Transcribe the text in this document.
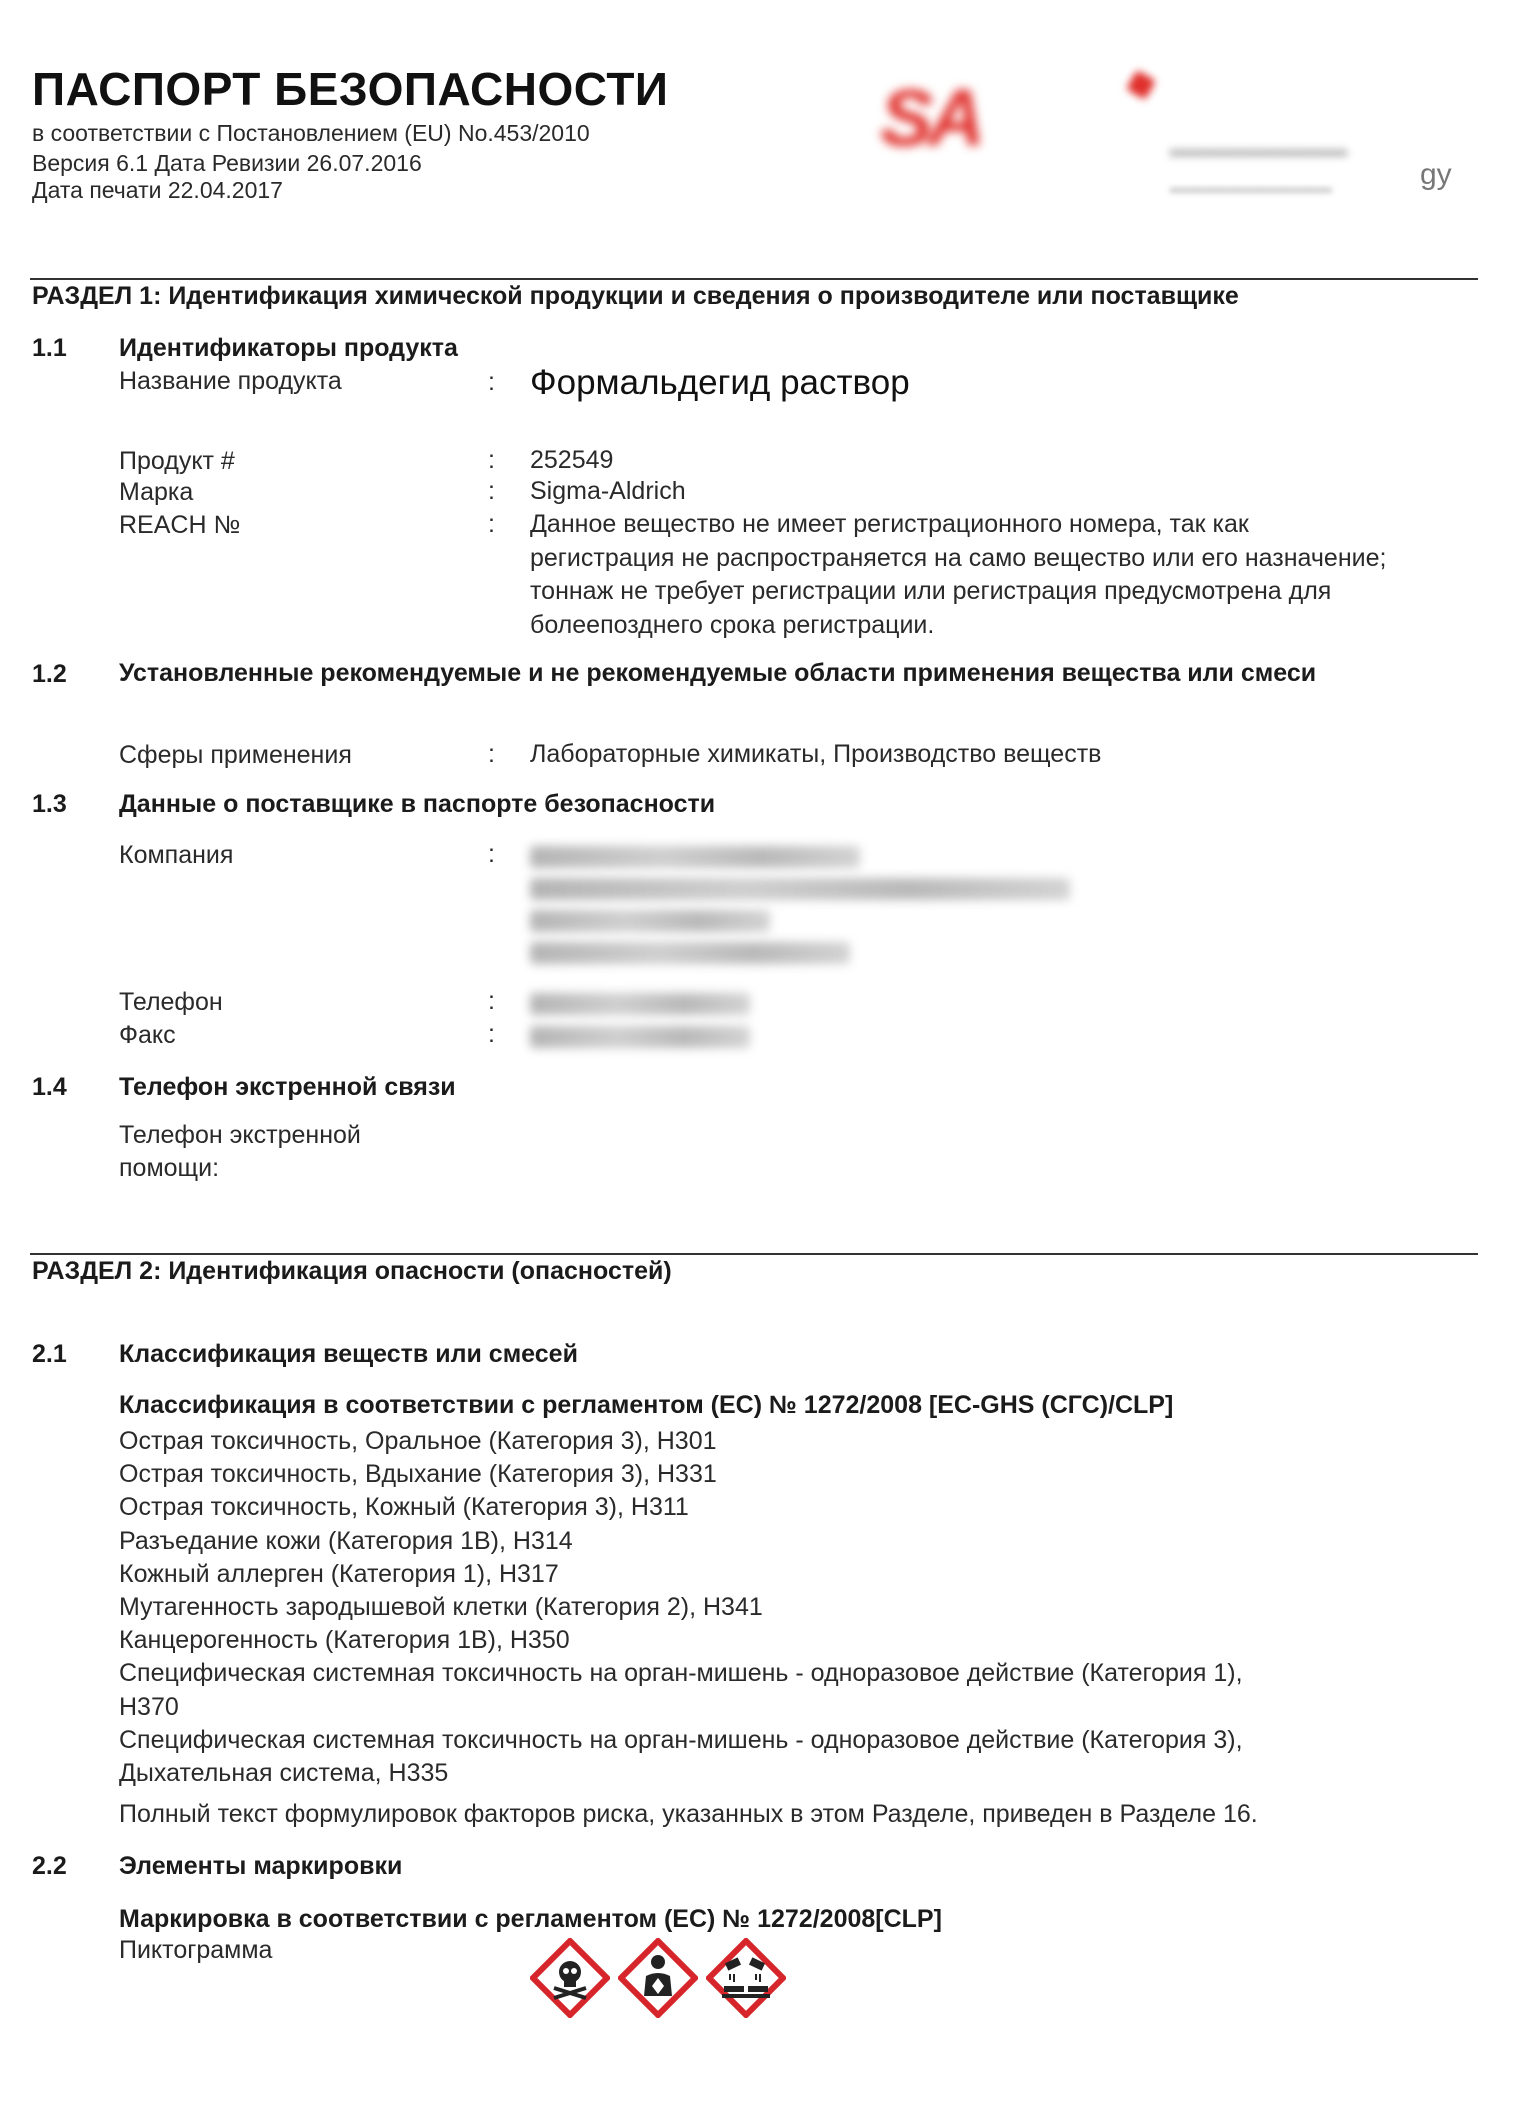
ПАСПОРТ БЕЗОПАСНОСТИ
в соответствии с Постановлением (EU) No.453/2010
Версия 6.1 Дата Ревизии 26.07.2016
Дата печати 22.04.2017
SA	▁▁▁▁▁
▁▁▁▁▁▁▁	gy
РАЗДЕЛ 1: Идентификация химической продукции и сведения о производителе или поставщике
1.1 Идентификаторы продукта
Название продукта	: Формальдегид раствор
Продукт #	: 252549
Марка	: Sigma-Aldrich
REACH №	: Данное вещество не имеет регистрационного номера, так как регистрация не распространяется на само вещество или его назначение; тоннаж не требует регистрации или регистрация предусмотрена для болеепозднего срока регистрации.
1.2 Установленные рекомендуемые и не рекомендуемые области применения вещества или смеси
Сферы применения	: Лабораторные химикаты, Производство веществ
1.3 Данные о поставщике в паспорте безопасности
Компания	:
Телефон	:
Факс	:
1.4 Телефон экстренной связи
Телефон экстренной
помощи:
РАЗДЕЛ 2: Идентификация опасности (опасностей)
2.1 Классификация веществ или смесей
Классификация в соответствии с регламентом (ЕС) № 1272/2008 [EC-GHS (СГС)/CLP]
Острая токсичность, Оральное (Категория 3), H301
Острая токсичность, Вдыхание (Категория 3), H331
Острая токсичность, Кожный (Категория 3), H311
Разъедание кожи (Категория 1B), H314
Кожный аллерген (Категория 1), H317
Мутагенность зародышевой клетки (Категория 2), H341
Канцерогенность (Категория 1B), H350
Специфическая системная токсичность на орган-мишень - одноразовое действие (Категория 1),
H370
Специфическая системная токсичность на орган-мишень - одноразовое действие (Категория 3),
Дыхательная система, H335
Полный текст формулировок факторов риска, указанных в этом Разделе, приведен в Разделе 16.
2.2 Элементы маркировки
Маркировка в соответствии с регламентом (ЕС) № 1272/2008[CLP]
Пиктограмма
